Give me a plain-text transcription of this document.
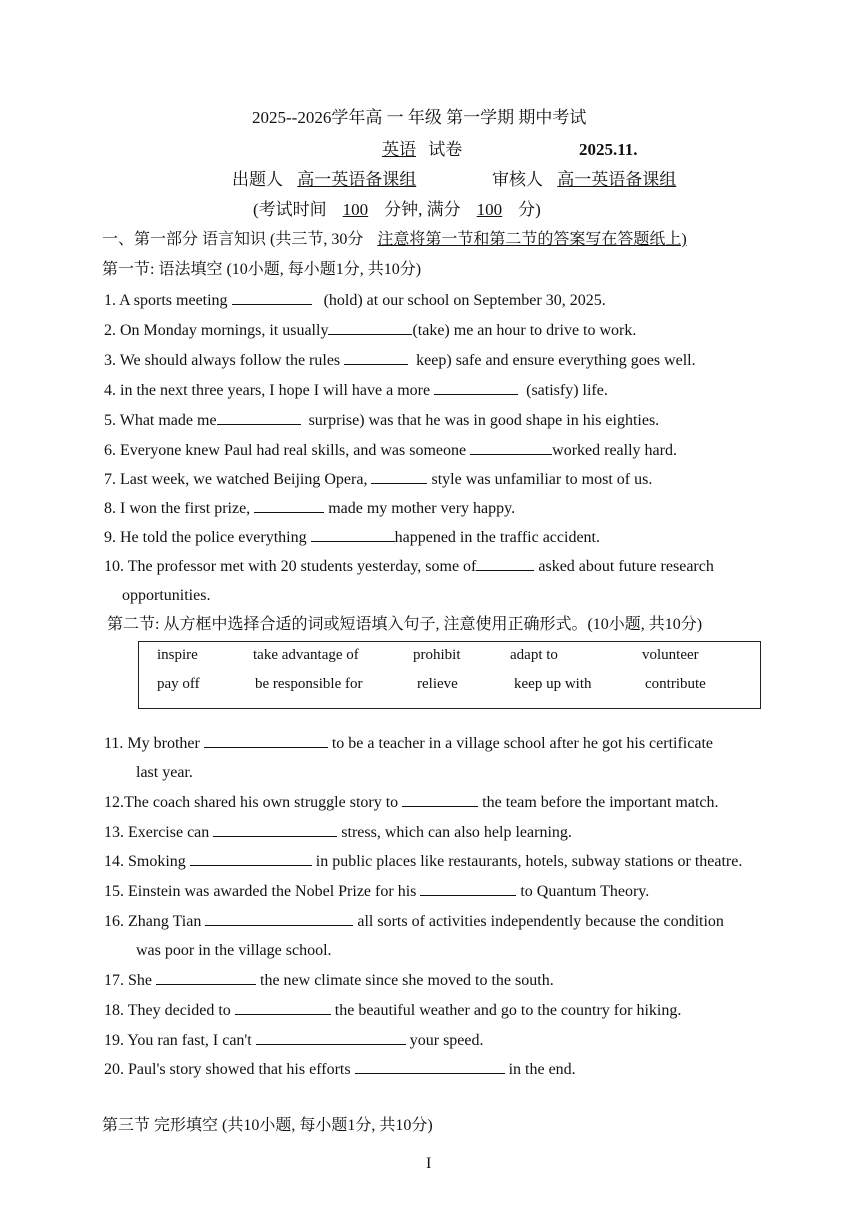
2025--2026学年高 一 年级 第一学期 期中考试
英语 试卷	2025.11.
出题人 高一英语备课组	审核人 高一英语备课组
(考试时间 100 分钟, 满分 100 分)
一、第一部分 语言知识 (共三节, 30分 注意将第一节和第二节的答案写在答题纸上)
第一节: 语法填空 (10小题, 每小题1分, 共10分)
1. A sports meeting	(hold) at our school on September 30, 2025.
2. On Monday mornings, it usually	(take) me an hour to drive to work.
3. We should always follow the rules	keep) safe and ensure everything goes well.
4. in the next three years, I hope I will have a more	(satisfy) life.
5. What made me	surprise) was that he was in good shape in his eighties.
6. Everyone knew Paul had real skills, and was someone	worked really hard.
7. Last week, we watched Beijing Opera,	style was unfamiliar to most of us.
8. I won the first prize,	made my mother very happy.
9. He told the police everything	happened in the traffic accident.
10. The professor met with 20 students yesterday, some of	asked about future research
opportunities.
第二节: 从方框中选择合适的词或短语填入句子, 注意使用正确形式。(10小题, 共10分)
inspire	take advantage of	prohibit	adapt to	volunteer
pay off	be responsible for	relieve	keep up with	contribute
11. My brother	to be a teacher in a village school after he got his certificate
last year.
12.The coach shared his own struggle story to	the team before the important match.
13. Exercise can	stress, which can also help learning.
14. Smoking	in public places like restaurants, hotels, subway stations or theatre.
15. Einstein was awarded the Nobel Prize for his	to Quantum Theory.
16. Zhang Tian	all sorts of activities independently because the condition
was poor in the village school.
17. She	the new climate since she moved to the south.
18. They decided to	the beautiful weather and go to the country for hiking.
19. You ran fast, I can't	your speed.
20. Paul's story showed that his efforts	in the end.
第三节 完形填空 (共10小题, 每小题1分, 共10分)
I
